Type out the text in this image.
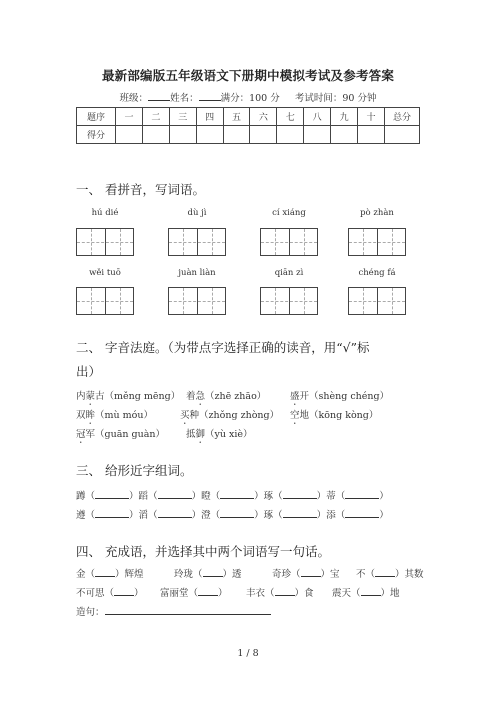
最新部编版五年级语文下册期中模拟考试及参考答案
班级： 姓名： 满分：100 分 考试时间：90 分钟
题序	一	二	三	四	五	六	七	八	九	十	总分
得分											
一、 看拼音，写词语。
hú dié	dù jì	cí xiáng	pò zhàn
wěi tuō	juàn liàn	qiān zì	chéng fá
二、 字音法庭。（为带点字选择正确的读音，用“√”标
出）
内蒙古（měng mēng） 着急（zhē zhāo） 盛开（shèng chéng）
双眸（mù móu）	买种（zhǒng zhòng） 空地（kōng kòng）
冠军（guān guàn） 抵御（yù xiè）
三、 给形近字组词。
蹲（	）蹈（	）瞪（	）琢（	）蒂（	）
遵（	）滔（	）澄（	）琢（	）添（	）
四、 充成语，并选择其中两个词语写一句话。
金（ ）辉煌	玲珑（ ）透	奇珍（ ）宝 不（ ）其数
不可思（ ） 富丽堂（ ） 丰衣（ ）食 震天（ ）地
造句：
1 / 8
